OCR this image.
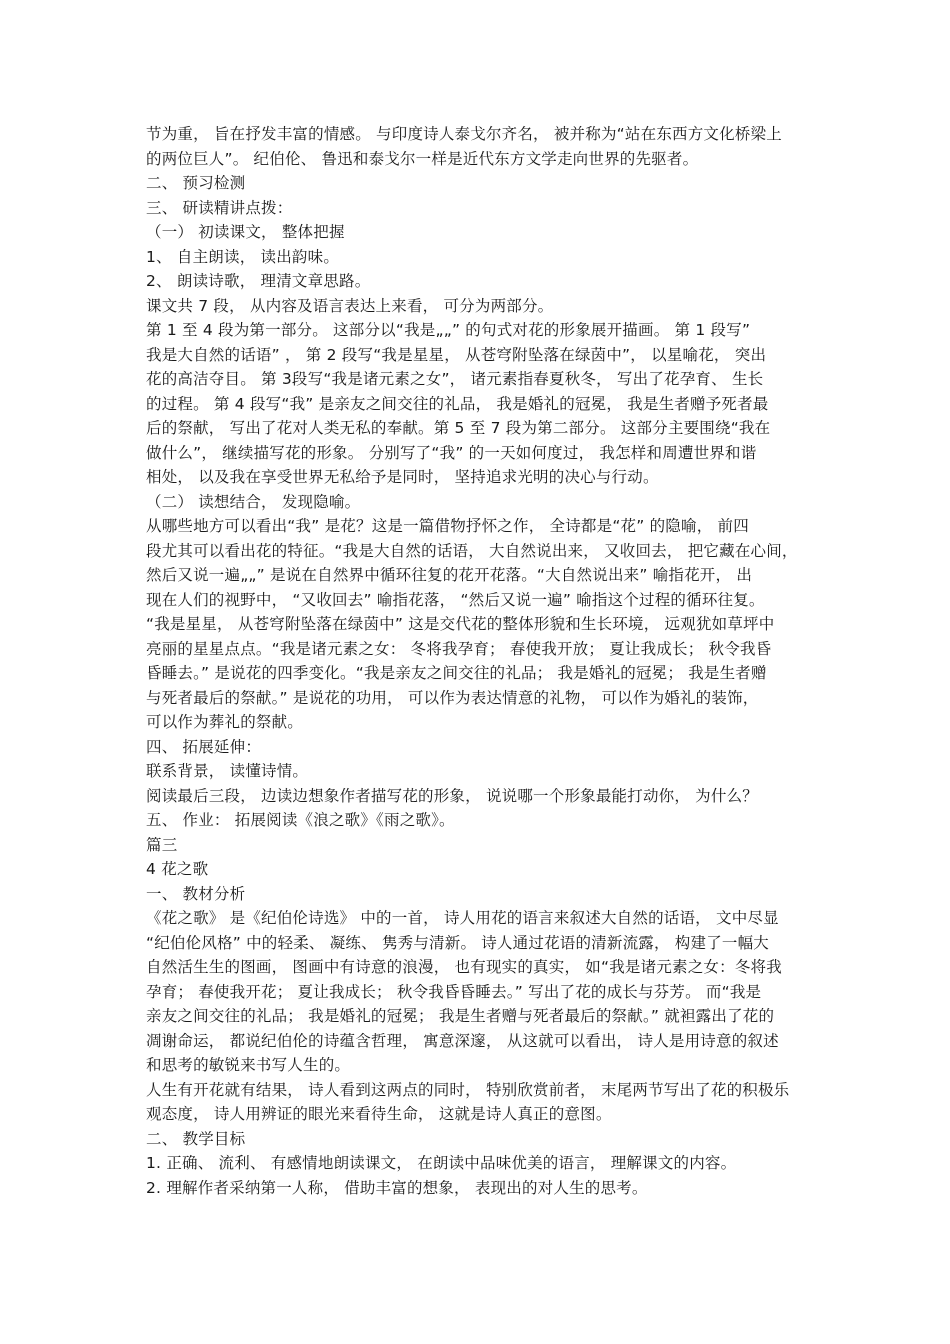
节为重， 旨在抒发丰富的情感。 与印度诗人泰戈尔齐名， 被并称为“站在东西方文化桥梁上
的两位巨人”。 纪伯伦、 鲁迅和泰戈尔一样是近代东方文学走向世界的先驱者。
二、 预习检测
三、 研读精讲点拨：
（一） 初读课文， 整体把握
1、 自主朗读， 读出韵味。
2、 朗读诗歌， 理清文章思路。
课文共 7 段， 从内容及语言表达上来看， 可分为两部分。
第 1 至 4 段为第一部分。 这部分以“我是„„” 的句式对花的形象展开描画。 第 1 段写”
我是大自然的话语” ， 第 2 段写“我是星星， 从苍穹附坠落在绿茵中”， 以星喻花， 突出
花的高洁夺目。 第 3段写“我是诸元素之女”， 诸元素指春夏秋冬， 写出了花孕育、 生长
的过程。 第 4 段写“我” 是亲友之间交往的礼品， 我是婚礼的冠冕， 我是生者赠予死者最
后的祭献， 写出了花对人类无私的奉献。第 5 至 7 段为第二部分。 这部分主要围绕“我在
做什么”， 继续描写花的形象。 分别写了“我” 的一天如何度过， 我怎样和周遭世界和谐
相处， 以及我在享受世界无私给予是同时， 坚持追求光明的决心与行动。
（二） 读想结合， 发现隐喻。
从哪些地方可以看出“我” 是花？这是一篇借物抒怀之作， 全诗都是“花” 的隐喻， 前四
段尤其可以看出花的特征。“我是大自然的话语， 大自然说出来， 又收回去， 把它藏在心间，
然后又说一遍„„” 是说在自然界中循环往复的花开花落。“大自然说出来” 喻指花开， 出
现在人们的视野中， “又收回去” 喻指花落， “然后又说一遍” 喻指这个过程的循环往复。
“我是星星， 从苍穹附坠落在绿茵中” 这是交代花的整体形貌和生长环境， 远观犹如草坪中
亮丽的星星点点。“我是诸元素之女： 冬将我孕育； 春使我开放； 夏让我成长； 秋令我昏
昏睡去。” 是说花的四季变化。“我是亲友之间交往的礼品； 我是婚礼的冠冕； 我是生者赠
与死者最后的祭献。” 是说花的功用， 可以作为表达情意的礼物， 可以作为婚礼的装饰，
可以作为葬礼的祭献。
四、 拓展延伸：
联系背景， 读懂诗情。
阅读最后三段， 边读边想象作者描写花的形象， 说说哪一个形象最能打动你， 为什么？
五、 作业： 拓展阅读《浪之歌》《雨之歌》。
篇三
4 花之歌
一、 教材分析
《花之歌》 是《纪伯伦诗选》 中的一首， 诗人用花的语言来叙述大自然的话语， 文中尽显
“纪伯伦风格” 中的轻柔、 凝练、 隽秀与清新。 诗人通过花语的清新流露， 构建了一幅大
自然活生生的图画， 图画中有诗意的浪漫， 也有现实的真实， 如“我是诸元素之女：冬将我
孕育； 春使我开花； 夏让我成长； 秋令我昏昏睡去。” 写出了花的成长与芬芳。 而“我是
亲友之间交往的礼品； 我是婚礼的冠冕； 我是生者赠与死者最后的祭献。” 就袒露出了花的
凋谢命运， 都说纪伯伦的诗蕴含哲理， 寓意深邃， 从这就可以看出， 诗人是用诗意的叙述
和思考的敏锐来书写人生的。
人生有开花就有结果， 诗人看到这两点的同时， 特别欣赏前者， 末尾两节写出了花的积极乐
观态度， 诗人用辨证的眼光来看待生命， 这就是诗人真正的意图。
二、 教学目标
1. 正确、 流利、 有感情地朗读课文， 在朗读中品味优美的语言， 理解课文的内容。
2. 理解作者采纳第一人称， 借助丰富的想象， 表现出的对人生的思考。
